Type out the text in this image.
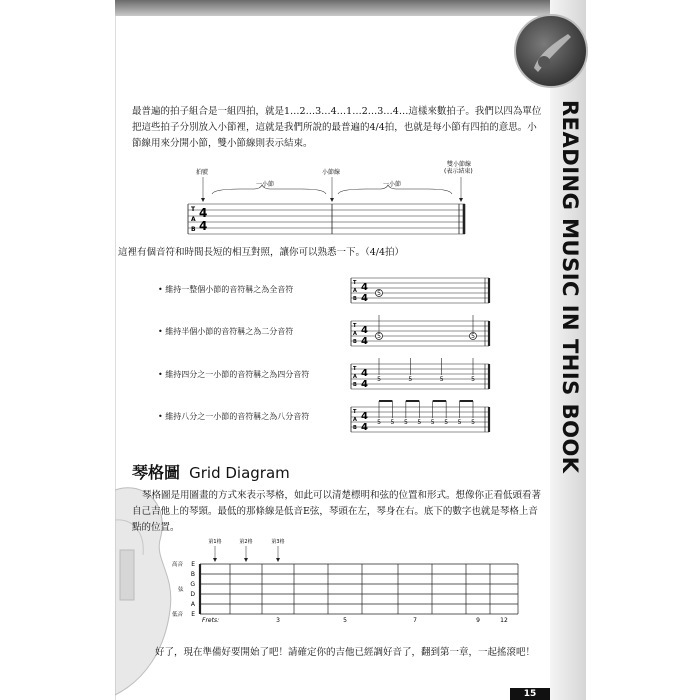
READING MUSIC IN THIS BOOK

最普遍的拍子組合是一組四拍，就是1…2…3…4…1…2…3…4…這樣來數拍子。我們以四為單位把這些拍子分別放入小節裡，這就是我們所說的最普遍的4/4拍，也就是每小節有四拍的意思。小節線用來分開小節，雙小節線則表示結束。

T
A
B
4
4
拍號	小節線
雙小節線
(表示結束)
一小節	一小節

這裡有個音符和時間長短的相互對照，讓你可以熟悉一下。（4/4拍）

• 維持一整個小節的音符稱之為全音符
• 維持半個小節的音符稱之為二分音符
• 維持四分之一小節的音符稱之為四分音符
• 維持八分之一小節的音符稱之為八分音符
T
A
B
4
4 5
T
A
B
4
4 5	5
T
A
B
4
4 5	5	5	5
T
A
B
4
4 5 5 5 5 5 5 5 5
琴格圖 Grid Diagram

琴格圖是用圖畫的方式來表示琴格，如此可以清楚標明和弦的位置和形式。想像你正看低頭看著自己吉他上的琴頸。最低的那條線是低音E弦，琴頭在左，琴身在右。底下的數字也就是琴格上音點的位置。

E
B
G
D
A
E
高音
弦
低音
第1格	第2格	第3格
Frets:	3	5	7	9	12

好了，現在準備好要開始了吧！請確定你的吉他已經調好音了，翻到第一章，一起搖滾吧！

15
